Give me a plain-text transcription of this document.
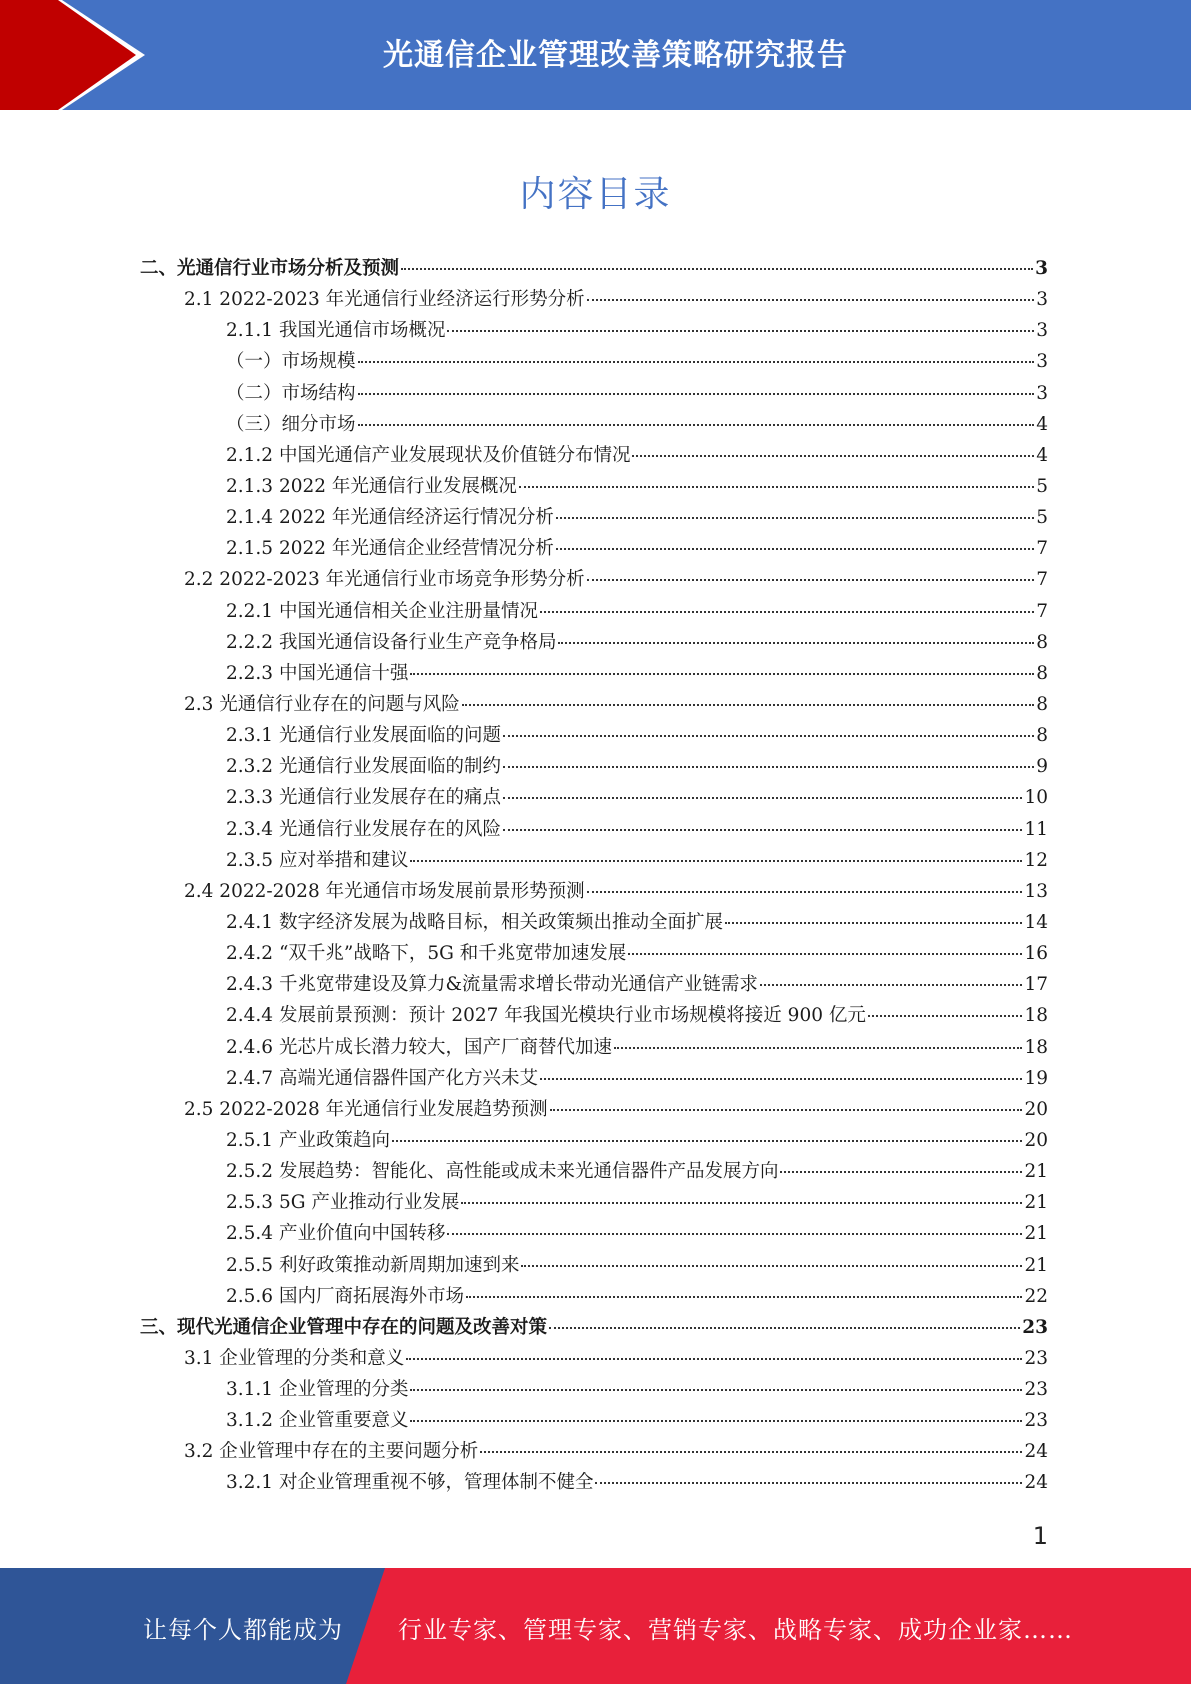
光通信企业管理改善策略研究报告
内容目录
二、光通信行业市场分析及预测	3
2.1 2022-2023 年光通信行业经济运行形势分析	3
2.1.1 我国光通信市场概况	3
（一）市场规模	3
（二）市场结构	3
（三）细分市场	4
2.1.2 中国光通信产业发展现状及价值链分布情况	4
2.1.3 2022 年光通信行业发展概况	5
2.1.4 2022 年光通信经济运行情况分析	5
2.1.5 2022 年光通信企业经营情况分析	7
2.2 2022-2023 年光通信行业市场竞争形势分析	7
2.2.1 中国光通信相关企业注册量情况	7
2.2.2 我国光通信设备行业生产竞争格局	8
2.2.3 中国光通信十强	8
2.3 光通信行业存在的问题与风险	8
2.3.1 光通信行业发展面临的问题	8
2.3.2 光通信行业发展面临的制约	9
2.3.3 光通信行业发展存在的痛点	10
2.3.4 光通信行业发展存在的风险	11
2.3.5 应对举措和建议	12
2.4 2022-2028 年光通信市场发展前景形势预测	13
2.4.1 数字经济发展为战略目标，相关政策频出推动全面扩展	14
2.4.2 “双千兆”战略下，5G 和千兆宽带加速发展	16
2.4.3 千兆宽带建设及算力&流量需求增长带动光通信产业链需求	17
2.4.4 发展前景预测：预计 2027 年我国光模块行业市场规模将接近 900 亿元	18
2.4.6 光芯片成长潜力较大，国产厂商替代加速	18
2.4.7 高端光通信器件国产化方兴未艾	19
2.5 2022-2028 年光通信行业发展趋势预测	20
2.5.1 产业政策趋向	20
2.5.2 发展趋势：智能化、高性能或成未来光通信器件产品发展方向	21
2.5.3 5G 产业推动行业发展	21
2.5.4 产业价值向中国转移	21
2.5.5 利好政策推动新周期加速到来	21
2.5.6 国内厂商拓展海外市场	22
三、现代光通信企业管理中存在的问题及改善对策	23
3.1 企业管理的分类和意义	23
3.1.1 企业管理的分类	23
3.1.2 企业管重要意义	23
3.2 企业管理中存在的主要问题分析	24
3.2.1 对企业管理重视不够，管理体制不健全	24
1
让每个人都能成为 行业专家、管理专家、营销专家、战略专家、成功企业家……
